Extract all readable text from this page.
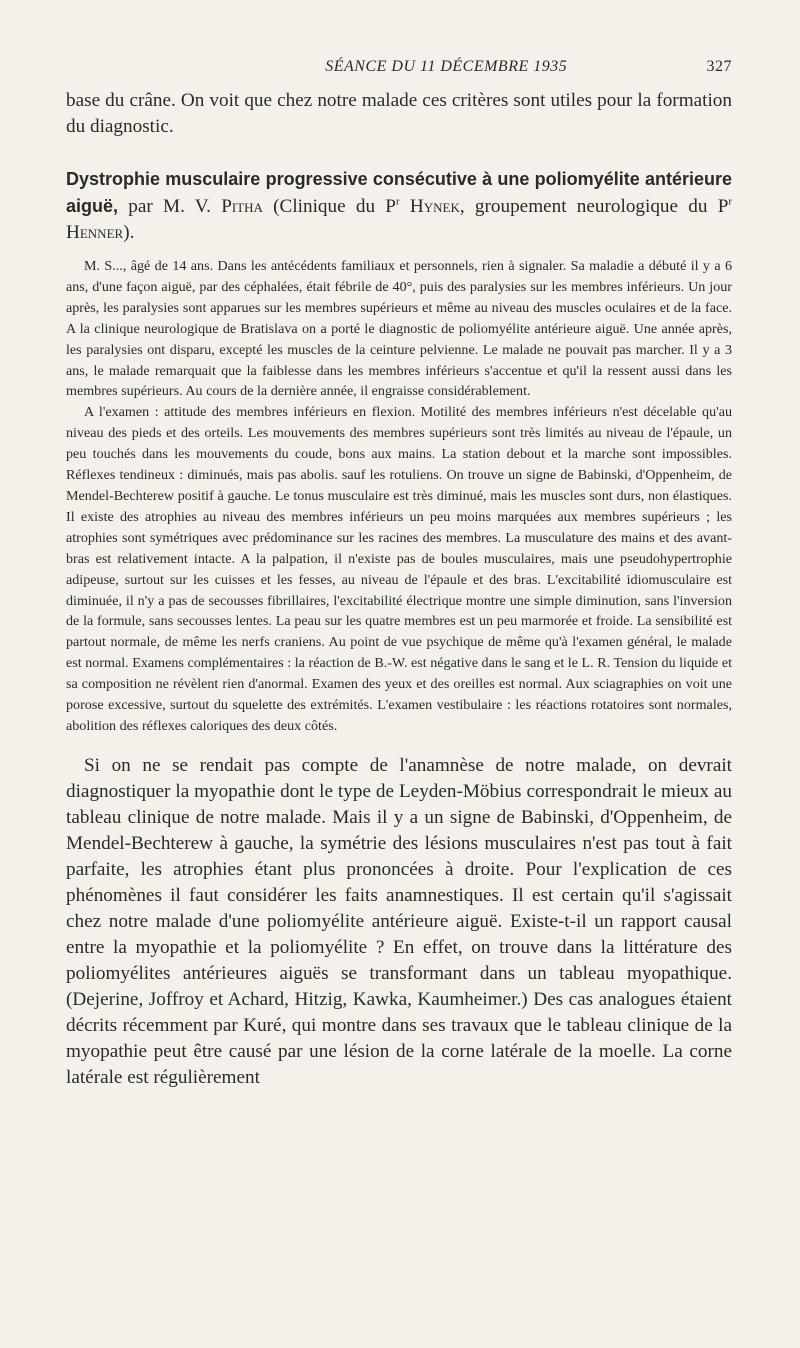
SÉANCE DU 11 DÉCEMBRE 1935	327

base du crâne. On voit que chez notre malade ces critères sont utiles pour la formation du diagnostic.

Dystrophie musculaire progressive consécutive à une poliomyélite antérieure aiguë, par M. V. Pitha (Clinique du $P^r$ Hynek, groupement neurologique du $P^r$ Henner).

M. S..., âgé de 14 ans. Dans les antécédents familiaux et personnels, rien à signaler. Sa maladie a débuté il y a 6 ans, d'une façon aiguë, par des céphalées, était fébrile de 40°, puis des paralysies sur les membres inférieurs. Un jour après, les paralysies sont apparues sur les membres supérieurs et même au niveau des muscles oculaires et de la face. A la clinique neurologique de Bratislava on a porté le diagnostic de poliomyélite antérieure aiguë. Une année après, les paralysies ont disparu, excepté les muscles de la ceinture pelvienne. Le malade ne pouvait pas marcher. Il y a 3 ans, le malade remarquait que la faiblesse dans les membres inférieurs s'accentue et qu'il la ressent aussi dans les membres supérieurs. Au cours de la dernière année, il engraisse considérablement.

A l'examen : attitude des membres inférieurs en flexion. Motilité des membres inférieurs n'est décelable qu'au niveau des pieds et des orteils. Les mouvements des membres supérieurs sont très limités au niveau de l'épaule, un peu touchés dans les mouvements du coude, bons aux mains. La station debout et la marche sont impossibles. Réflexes tendineux : diminués, mais pas abolis. sauf les rotuliens. On trouve un signe de Babinski, d'Oppenheim, de Mendel-Bechterew positif à gauche. Le tonus musculaire est très diminué, mais les muscles sont durs, non élastiques. Il existe des atrophies au niveau des membres inférieurs un peu moins marquées aux membres supérieurs ; les atrophies sont symétriques avec prédominance sur les racines des membres. La musculature des mains et des avant-bras est relativement intacte. A la palpation, il n'existe pas de boules musculaires, mais une pseudohypertrophie adipeuse, surtout sur les cuisses et les fesses, au niveau de l'épaule et des bras. L'excitabilité idiomusculaire est diminuée, il n'y a pas de secousses fibrillaires, l'excitabilité électrique montre une simple diminution, sans l'inversion de la formule, sans secousses lentes. La peau sur les quatre membres est un peu marmorée et froide. La sensibilité est partout normale, de même les nerfs craniens. Au point de vue psychique de même qu'à l'examen général, le malade est normal. Examens complémentaires : la réaction de B.-W. est négative dans le sang et le L. R. Tension du liquide et sa composition ne révèlent rien d'anormal. Examen des yeux et des oreilles est normal. Aux sciagraphies on voit une porose excessive, surtout du squelette des extrémités. L'examen vestibulaire : les réactions rotatoires sont normales, abolition des réflexes caloriques des deux côtés.

Si on ne se rendait pas compte de l'anamnèse de notre malade, on devrait diagnostiquer la myopathie dont le type de Leyden-Möbius correspondrait le mieux au tableau clinique de notre malade. Mais il y a un signe de Babinski, d'Oppenheim, de Mendel-Bechterew à gauche, la symétrie des lésions musculaires n'est pas tout à fait parfaite, les atrophies étant plus prononcées à droite. Pour l'explication de ces phénomènes il faut considérer les faits anamnestiques. Il est certain qu'il s'agissait chez notre malade d'une poliomyélite antérieure aiguë. Existe-t-il un rapport causal entre la myopathie et la poliomyélite ? En effet, on trouve dans la littérature des poliomyélites antérieures aiguës se transformant dans un tableau myopathique. (Dejerine, Joffroy et Achard, Hitzig, Kawka, Kaumheimer.) Des cas analogues étaient décrits récemment par Kuré, qui montre dans ses travaux que le tableau clinique de la myopathie peut être causé par une lésion de la corne latérale de la moelle. La corne latérale est régulièrement
